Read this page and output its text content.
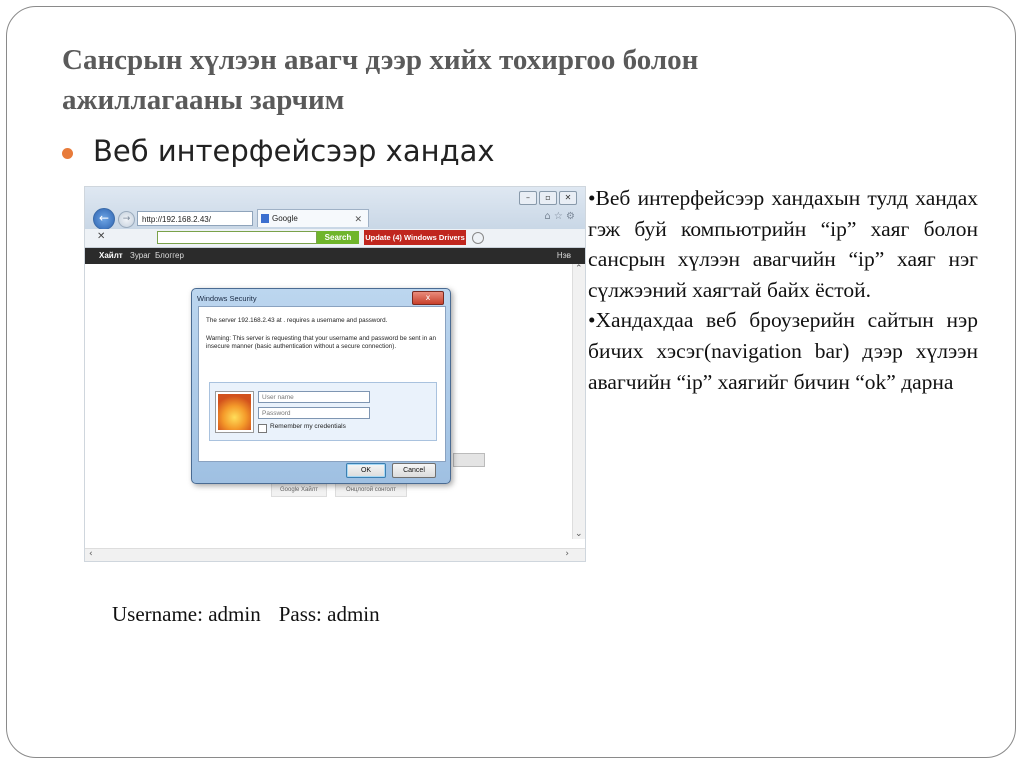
Сансрын хүлээн авагч дээр хийх тохиргоо болон ажиллагааны зарчим
Веб интерфейсээр хандах
–	▫	✕
←	→	http://192.168.2.43/	Google	✕	⌂ ☆ ⚙
✕	Search	Update (4) Windows Drivers
Хайлт Зураг Блоггер	Нэв
Google Хайлт	Онцлогой сонголт
⌃
⌄
‹	›
Windows Security	x
The server 192.168.2.43 at . requires a username and password.
Warning: This server is requesting that your username and password be sent in an insecure manner (basic authentication without a secure connection).
User name
Password
Remember my credentials
OK	Cancel

•Веб интерфейсээр хандахын тулд хандах гэж буй компьютрийн “ip” хаяг болон сансрын хүлээн авагчийн “ip” хаяг нэг сүлжээний хаягтай байх ёстой.

•Хандахдаа веб броузерийн сайтын нэр бичих хэсэг(navigation bar) дээр хүлээн авагчийн “ip” хаягийг бичин “ok” дарна

Username: admin Pass: admin
